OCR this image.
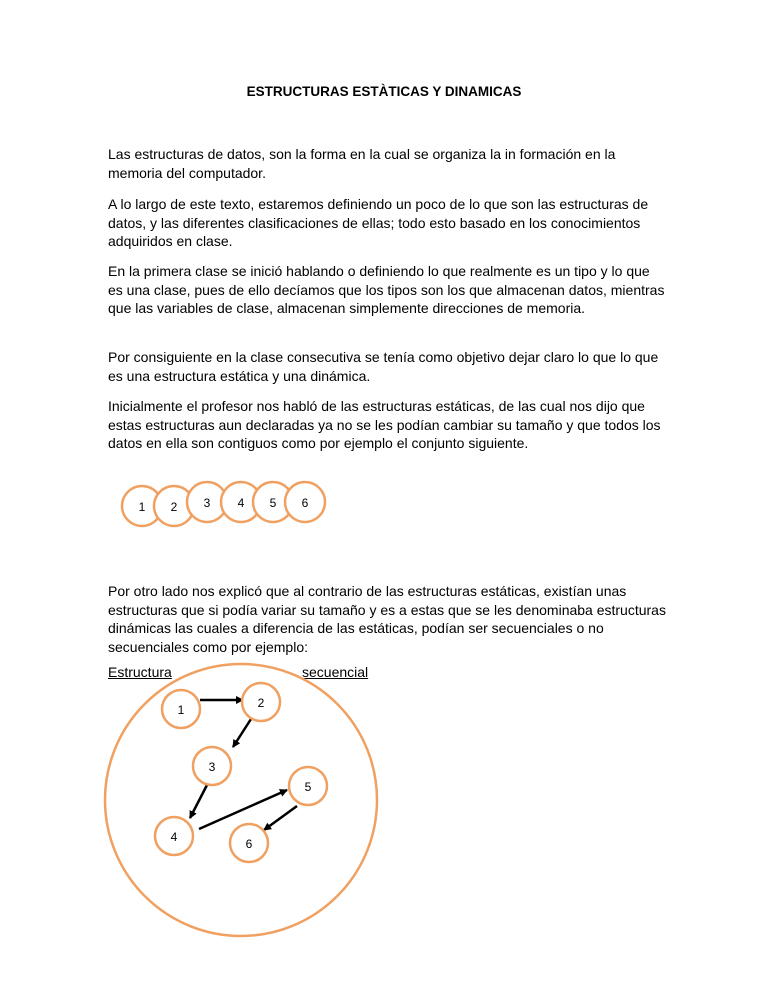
ESTRUCTURAS ESTÀTICAS Y DINAMICAS

Las estructuras de datos, son la forma en la cual se organiza la in formación en la memoria del computador.

A lo largo de este texto, estaremos definiendo un poco de lo que son las estructuras de datos, y las diferentes clasificaciones de ellas; todo esto basado en los conocimientos adquiridos en clase.

En la primera clase se inició hablando o definiendo lo que realmente es un tipo y lo que es una clase, pues de ello decíamos que los tipos son los que almacenan datos, mientras que las variables de clase, almacenan simplemente direcciones de memoria.

Por consiguiente en la clase consecutiva se tenía como objetivo dejar claro lo que lo que es una estructura estática y una dinámica.

Inicialmente el profesor nos habló de las estructuras estáticas, de las cual nos dijo que estas estructuras aun declaradas ya no se les podían cambiar su tamaño y que todos los datos en ella son contiguos como por ejemplo el conjunto siguiente.

Por otro lado nos explicó que al contrario de las estructuras estáticas, existían unas estructuras que si podía variar su tamaño y es a estas que se les denominaba estructuras dinámicas las cuales a diferencia de las estáticas, podían ser secuenciales o no secuenciales como por ejemplo:

1 2 3 4 5 6
Estructura	secuencial
1	2
3
4
5
6
